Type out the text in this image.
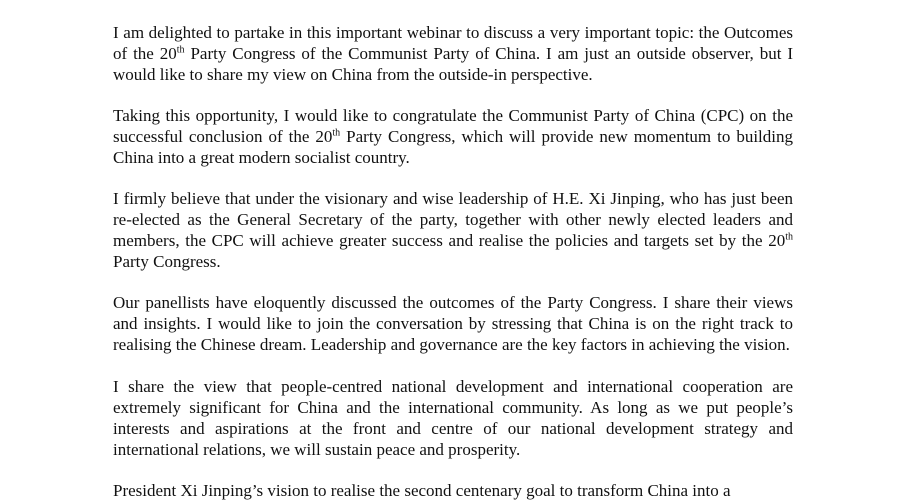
I am delighted to partake in this important webinar to discuss a very important topic: the Outcomes of the 20th Party Congress of the Communist Party of China. I am just an outside observer, but I would like to share my view on China from the outside-in perspective.

Taking this opportunity, I would like to congratulate the Communist Party of China (CPC) on the successful conclusion of the 20th Party Congress, which will provide new momentum to building China into a great modern socialist country.

I firmly believe that under the visionary and wise leadership of H.E. Xi Jinping, who has just been re-elected as the General Secretary of the party, together with other newly elected leaders and members, the CPC will achieve greater success and realise the policies and targets set by the 20th Party Congress.

Our panellists have eloquently discussed the outcomes of the Party Congress. I share their views and insights. I would like to join the conversation by stressing that China is on the right track to realising the Chinese dream. Leadership and governance are the key factors in achieving the vision.

I share the view that people-centred national development and international cooperation are extremely significant for China and the international community. As long as we put people’s interests and aspirations at the front and centre of our national development strategy and international relations, we will sustain peace and prosperity.

President Xi Jinping’s vision to realise the second centenary goal to transform China into a
